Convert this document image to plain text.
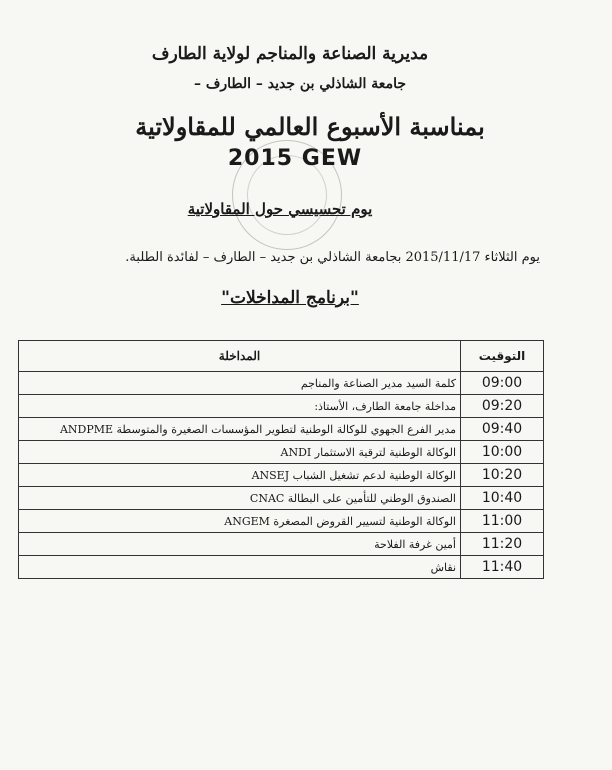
مديرية الصناعة والمناجم لولاية الطارف
جامعة الشاذلي بن جديد – الطارف –
بمناسبة الأسبوع العالمي للمقاولاتية
2015 GEW
يوم تحسيسي حول المقاولاتية
يوم الثلاثاء 2015/11/17 بجامعة الشاذلي بن جديد – الطارف – لفائدة الطلبة.
"برنامج المداخلات"
التوقيت	المداخلة
09:00	كلمة السيد مدير الصناعة والمناجم
09:20	مداخلة جامعة الطارف، الأستاذ:
09:40	مدير الفرع الجهوي للوكالة الوطنية لتطوير المؤسسات الصغيرة والمتوسطة ANDPME
10:00	الوكالة الوطنية لترقية الاستثمار ANDI
10:20	الوكالة الوطنية لدعم تشغيل الشباب ANSEJ
10:40	الصندوق الوطني للتأمين على البطالة CNAC
11:00	الوكالة الوطنية لتسيير القروض المصغرة ANGEM
11:20	أمين غرفة الفلاحة
11:40	نقاش
